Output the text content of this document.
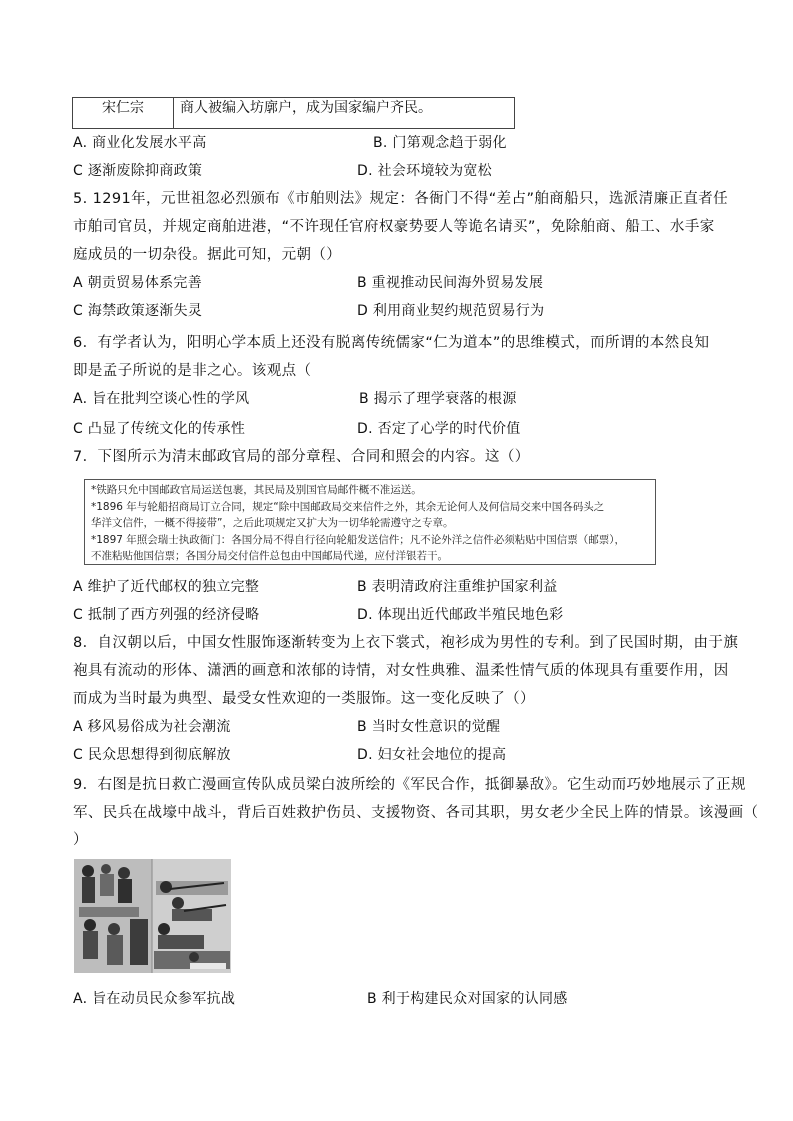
宋仁宗	商人被编入坊廓户，成为国家编户齐民。
A. 商业化发展水平高	B. 门第观念趋于弱化
C 逐渐废除抑商政策	D. 社会环境较为宽松
5. 1291年，元世祖忽必烈颁布《市舶则法》规定：各衙门不得“差占”舶商船只，选派清廉正直者任
市舶司官员，并规定商舶进港，“不许现任官府权豪势要人等诡名请买”，免除舶商、船工、水手家
庭成员的一切杂役。据此可知，元朝（）
A 朝贡贸易体系完善	B 重视推动民间海外贸易发展
C 海禁政策逐渐失灵	D 利用商业契约规范贸易行为
6．有学者认为，阳明心学本质上还没有脱离传统儒家“仁为道本”的思维模式，而所谓的本然良知
即是孟子所说的是非之心。该观点（
A. 旨在批判空谈心性的学风	B 揭示了理学衰落的根源
C 凸显了传统文化的传承性	D. 否定了心学的时代价值
7．下图所示为清末邮政官局的部分章程、合同和照会的内容。这（）
*铁路只允中国邮政官局运送包裹，其民局及别国官局邮件概不准运送。
*1896 年与轮船招商局订立合同，规定“除中国邮政局交来信件之外，其余无论何人及何信局交来中国各码头之
华洋文信件，一概不得接带”，之后此项规定又扩大为一切华轮需遵守之专章。
*1897 年照会瑞士执政衙门：各国分局不得自行径向轮船发送信件；凡不论外洋之信件必须粘贴中国信票（邮票），
不准粘贴他国信票；各国分局交付信件总包由中国邮局代递，应付洋银若干。
A 维护了近代邮权的独立完整	B 表明清政府注重维护国家利益
C 抵制了西方列强的经济侵略	D. 体现出近代邮政半殖民地色彩
8．自汉朝以后，中国女性服饰逐渐转变为上衣下裳式，袍衫成为男性的专利。到了民国时期，由于旗
袍具有流动的形体、潇洒的画意和浓郁的诗情，对女性典雅、温柔性情气质的体现具有重要作用，因
而成为当时最为典型、最受女性欢迎的一类服饰。这一变化反映了（）
A 移风易俗成为社会潮流	B 当时女性意识的觉醒
C 民众思想得到彻底解放	D. 妇女社会地位的提高
9．右图是抗日救亡漫画宣传队成员梁白波所绘的《军民合作，抵御暴敌》。它生动而巧妙地展示了正规
军、民兵在战壕中战斗，背后百姓救护伤员、支援物资、各司其职，男女老少全民上阵的情景。该漫画（
）
A. 旨在动员民众参军抗战	B 利于构建民众对国家的认同感
